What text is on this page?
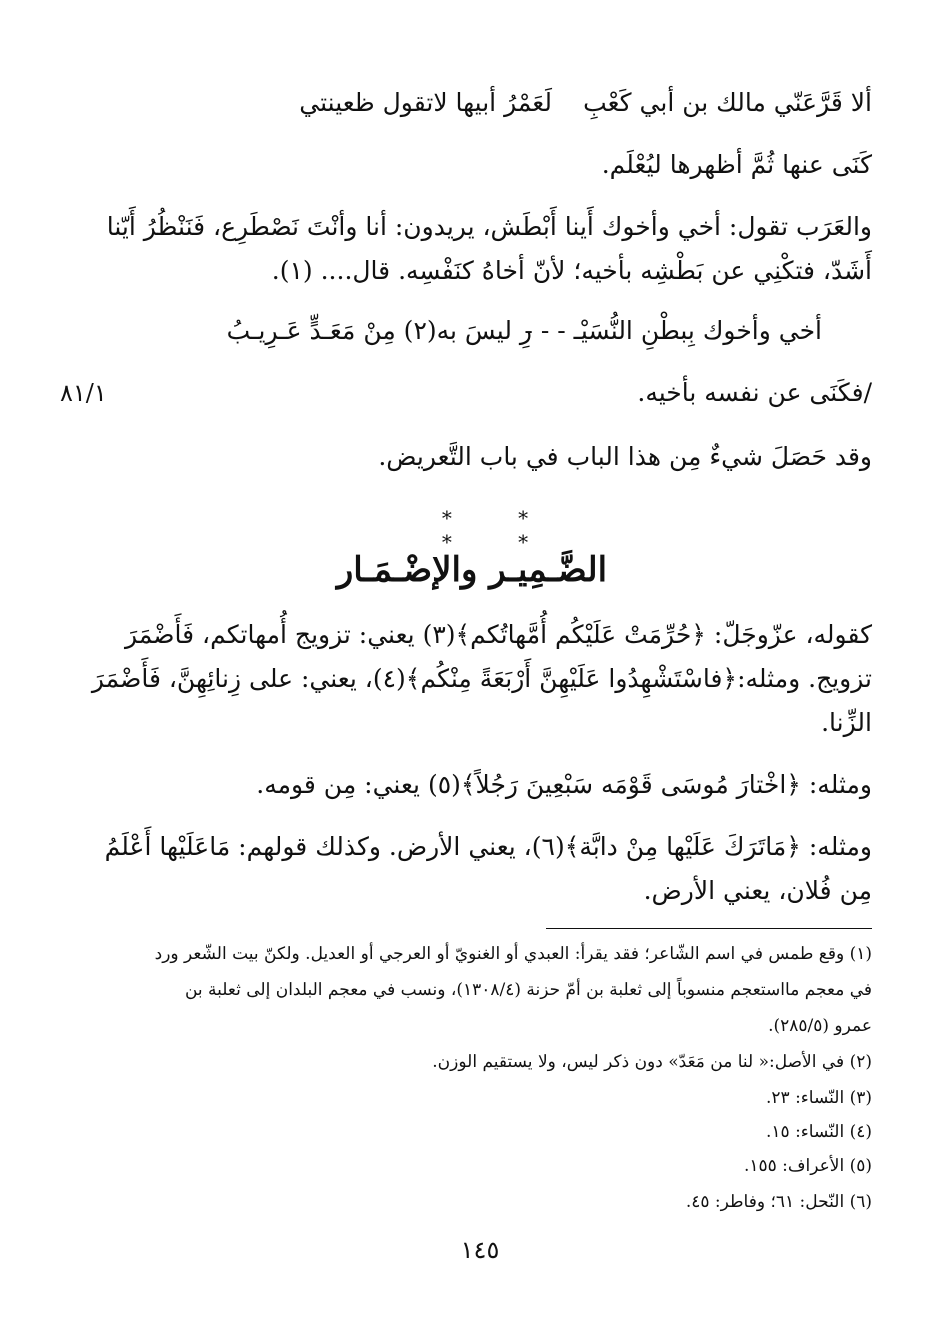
ألا قَرَّعَنّي مالك بن أبي كَعْبِ
لَعَمْرُ أبيها لاتقول ظعينتي
كَنَى عنها ثُمَّ أظهرها ليُعْلَم.
والعَرَب تقول: أخي وأخوك أَينا أَبْطَش، يريدون: أنا وأنْتَ نَصْطَرِع، فَنَنْظُرُ أَيّنا
أَشَدّ، فتكْنِي عن بَطْشِه بأخيه؛ لأنّ أخاهُ كنَفْسِه. قال.... (١).
أخي وأخوك بِبطْنِ النُّسَيْـ - - -
رِ ليسَ به(٢) مِنْ مَعَـدٍّ عَـرِيـبُ
/فكَنَى عن نفسه بأخيه.
٨١/١
وقد حَصَلَ شيءٌ مِن هذا الباب في باب التَّعريض.
* * * *
الضَّـمِيـر والإضْـمَـار
كقوله، عزّوجَلّ: ﴿حُرِّمَتْ عَلَيْكُم أُمَّهاتُكم﴾(٣) يعني: تزويج أُمهاتكم، فَأَضْمَرَ
تزويج. ومثله:﴿فاسْتَشْهِدُوا عَلَيْهِنَّ أَرْبَعَةً مِنْكُم﴾(٤)، يعني: على زِنائِهِنَّ، فَأَضْمَرَ
الزِّنا.
ومثله: ﴿اخْتارَ مُوسَى قَوْمَه سَبْعِينَ رَجُلاً﴾(٥) يعني: مِن قومه.
ومثله: ﴿مَاتَرَكَ عَلَيْها مِنْ دابَّة﴾(٦)، يعني الأرض. وكذلك قولهم: مَاعَلَيْها أَعْلَمُ
مِن فُلان، يعني الأرض.
(١) وقع طمس في اسم الشّاعر؛ فقد يقرأ: العبدي أو الغنويّ أو العرجي أو العديل. ولكنّ بيت الشّعر ورد
في معجم مااستعجم منسوباً إلى ثعلبة بن أمّ حزنة (١٣٠٨/٤)، ونسب في معجم البلدان إلى ثعلبة بن
عمرو (٢٨٥/٥).
(٢) في الأصل:« لنا من مَعَدّ» دون ذكر ليس، ولا يستقيم الوزن.
(٣) النّساء: ٢٣.
(٤) النّساء: ١٥.
(٥) الأعراف: ١٥٥.
(٦) النّحل: ٦١؛ وفاطر: ٤٥.
١٤٥
